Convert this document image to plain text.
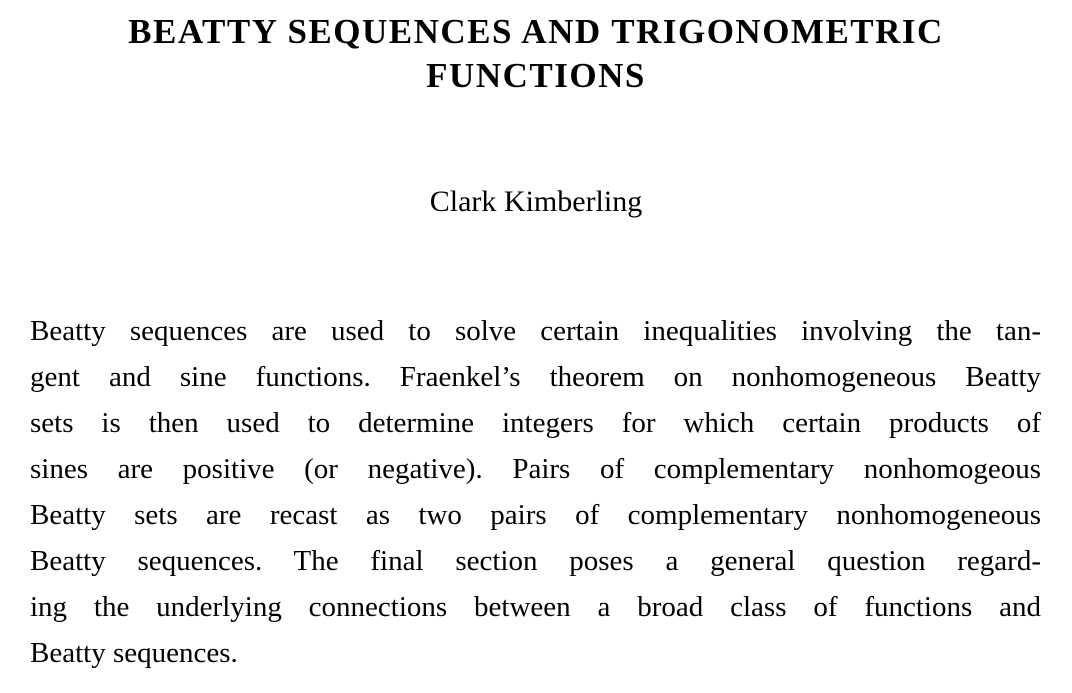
BEATTY SEQUENCES AND TRIGONOMETRIC
FUNCTIONS
Clark Kimberling
Beatty sequences are used to solve certain inequalities involving the tan-
gent and sine functions. Fraenkel’s theorem on nonhomogeneous Beatty
sets is then used to determine integers for which certain products of
sines are positive (or negative). Pairs of complementary nonhomogeous
Beatty sets are recast as two pairs of complementary nonhomogeneous
Beatty sequences. The final section poses a general question regard-
ing the underlying connections between a broad class of functions and
Beatty sequences.
